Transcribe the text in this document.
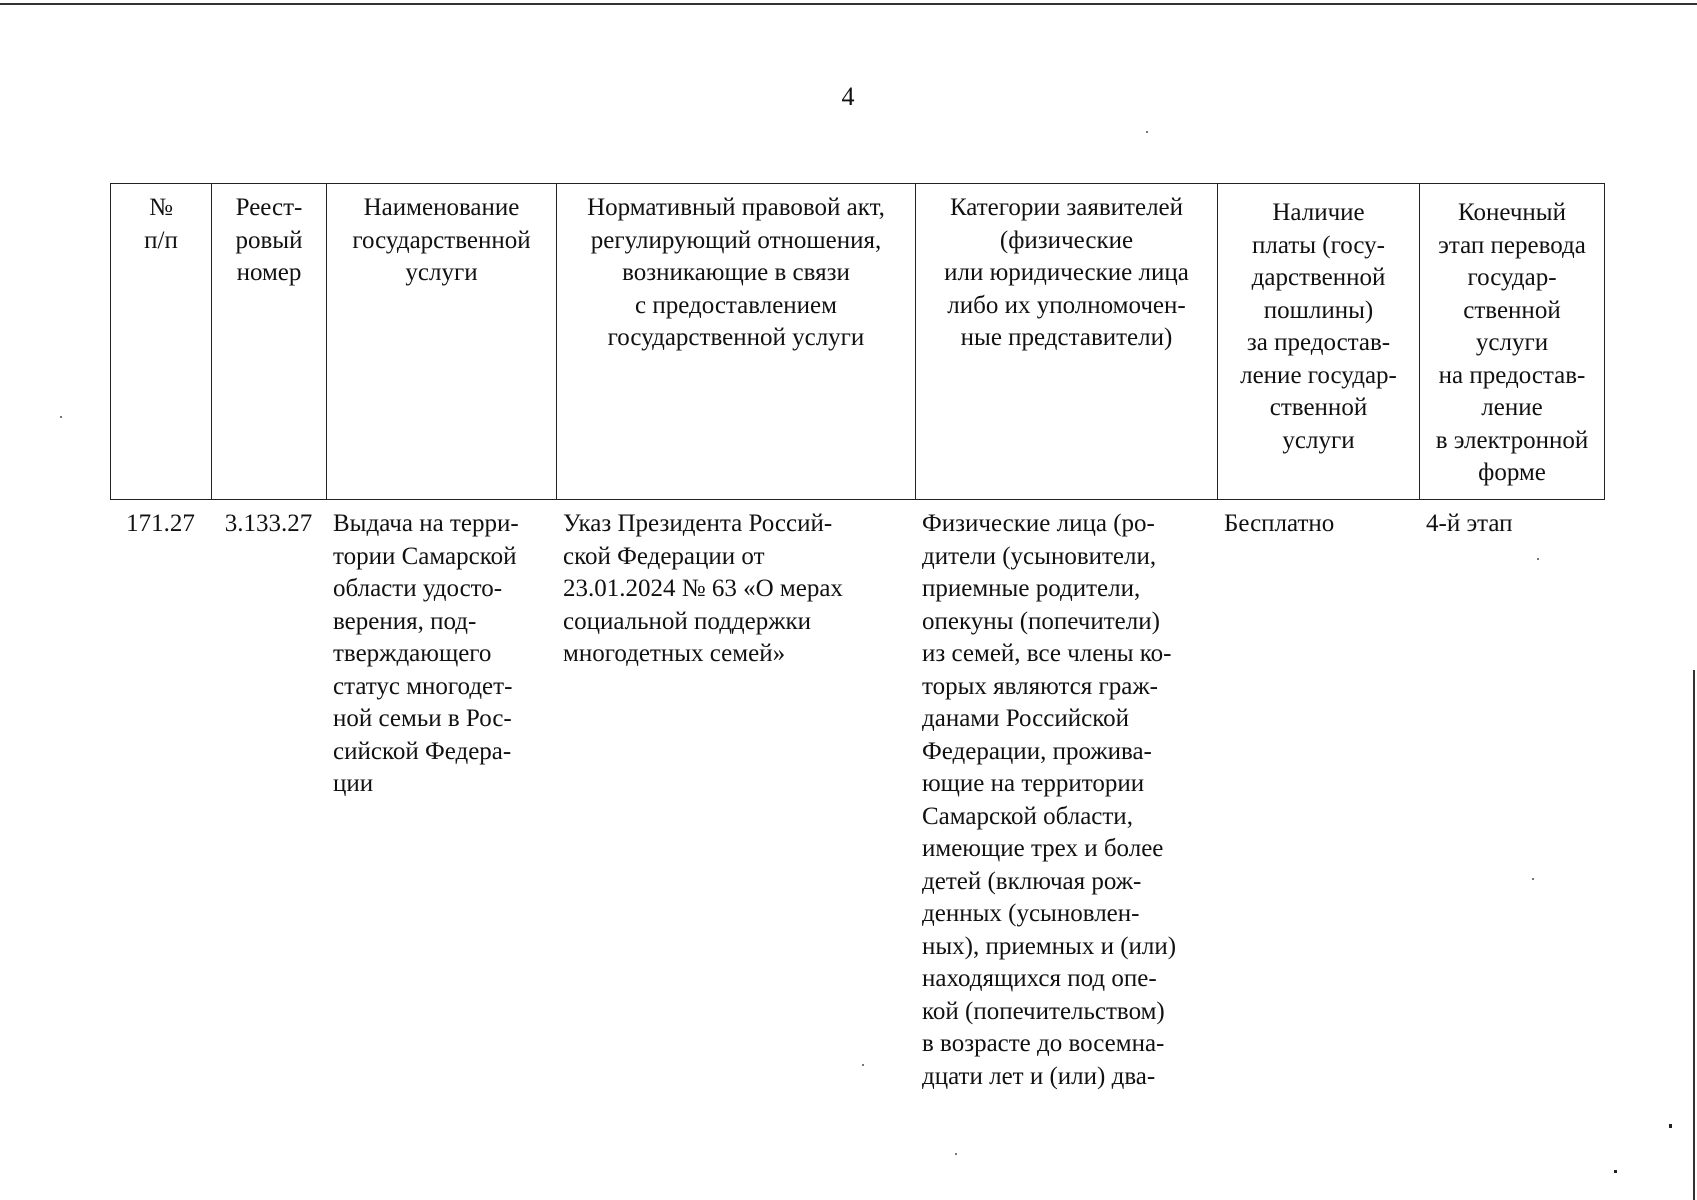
4
№
п/п
Реест-
ровый
номер
Наименование
государственной
услуги
Нормативный правовой акт,
регулирующий отношения,
возникающие в связи
с предоставлением
государственной услуги
Категории заявителей
(физические
или юридические лица
либо их уполномочен-
ные представители)
Наличие
платы (госу-
дарственной
пошлины)
за предостав-
ление государ-
ственной
услуги
Конечный
этап перевода
государ-
ственной
услуги
на предостав-
ление
в электронной
форме
171.27	3.133.27 Выдача на терри-
тории Самарской
области удосто-
верения, под-
тверждающего
статус многодет-
ной семьи в Рос-
сийской Федера-
ции
Указ Президента Россий-
ской Федерации от
23.01.2024 № 63 «О мерах
социальной поддержки
многодетных семей»
Физические лица (ро-
дители (усыновители,
приемные родители,
опекуны (попечители)
из семей, все члены ко-
торых являются граж-
данами Российской
Федерации, прожива-
ющие на территории
Самарской области,
имеющие трех и более
детей (включая рож-
денных (усыновлен-
ных), приемных и (или)
находящихся под опе-
кой (попечительством)
в возрасте до восемна-
дцати лет и (или) два-
Бесплатно	4-й этап
